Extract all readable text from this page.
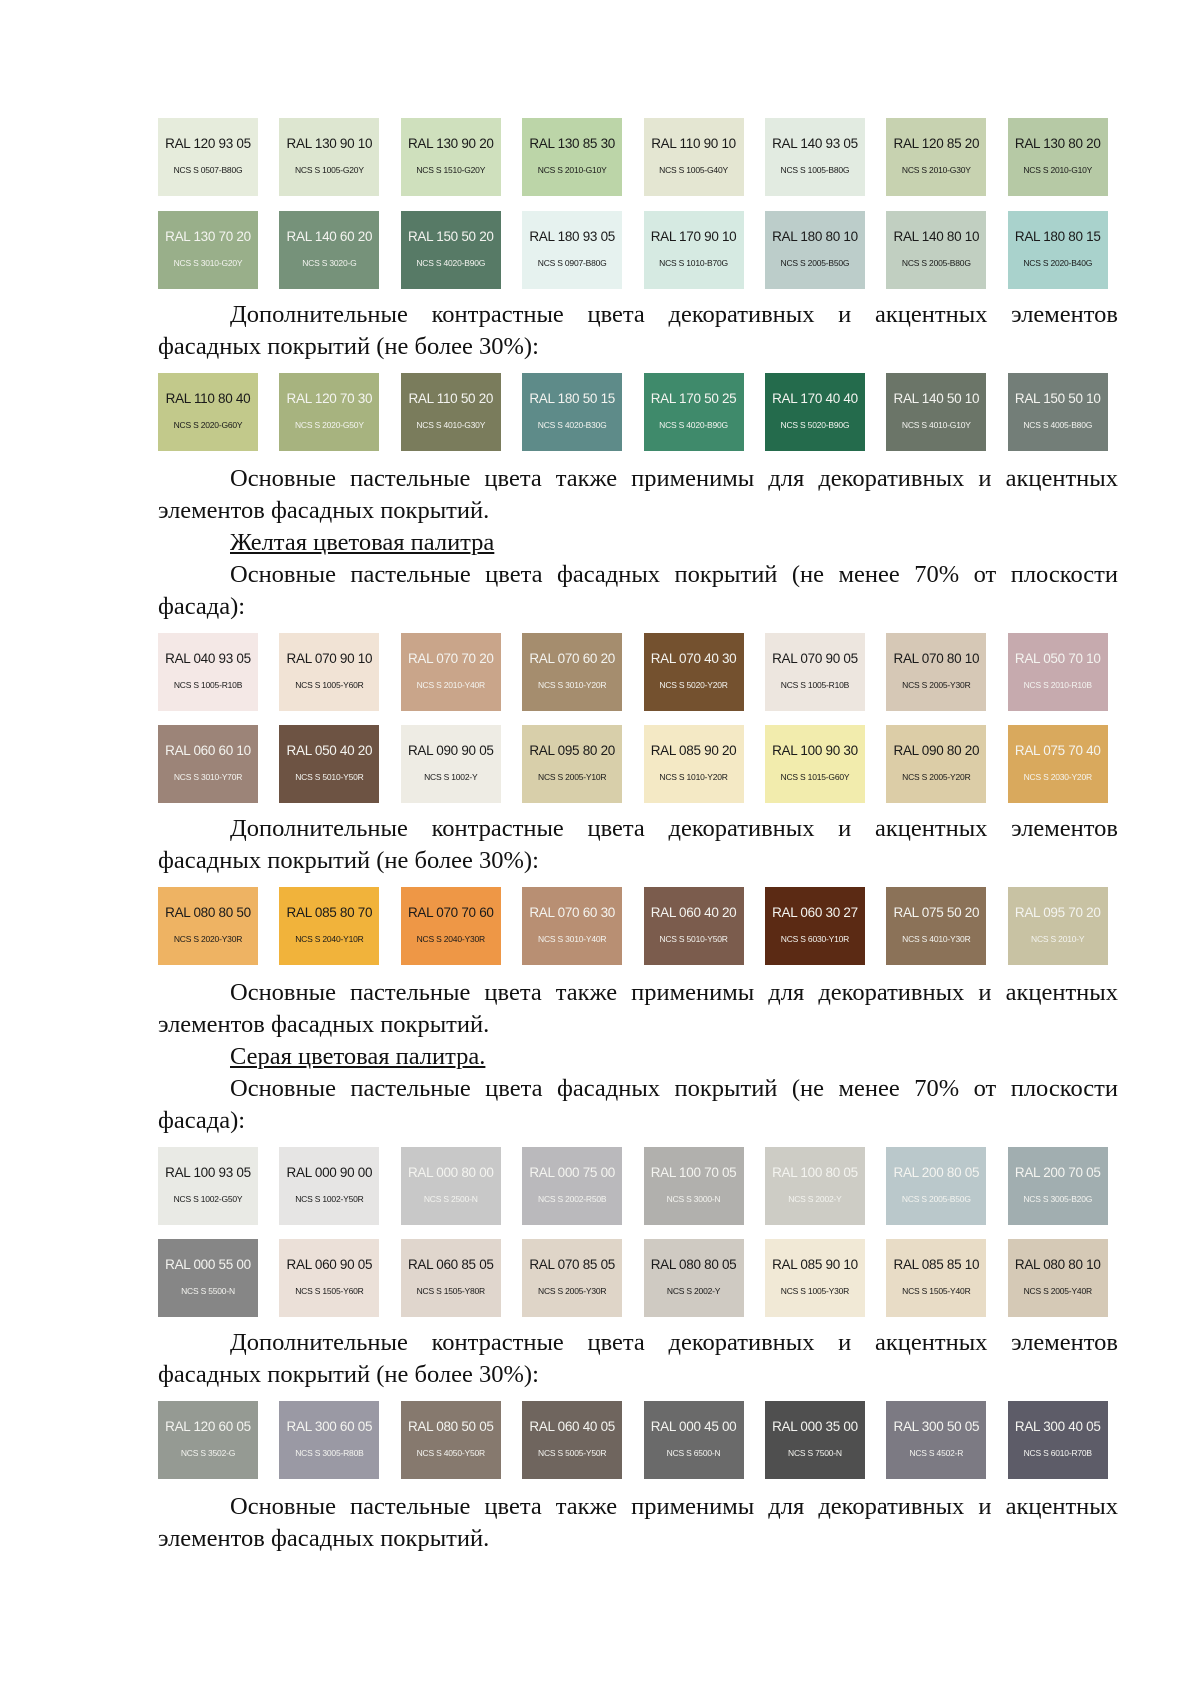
RAL 120 93 05
NCS S 0507-B80G
RAL 130 90 10
NCS S 1005-G20Y
RAL 130 90 20
NCS S 1510-G20Y
RAL 130 85 30
NCS S 2010-G10Y
RAL 110 90 10
NCS S 1005-G40Y
RAL 140 93 05
NCS S 1005-B80G
RAL 120 85 20
NCS S 2010-G30Y
RAL 130 80 20
NCS S 2010-G10Y
RAL 130 70 20
NCS S 3010-G20Y
RAL 140 60 20
NCS S 3020-G
RAL 150 50 20
NCS S 4020-B90G
RAL 180 93 05
NCS S 0907-B80G
RAL 170 90 10
NCS S 1010-B70G
RAL 180 80 10
NCS S 2005-B50G
RAL 140 80 10
NCS S 2005-B80G
RAL 180 80 15
NCS S 2020-B40G

Дополнительные контрастные цвета декоративных и акцентных элементов фасадных покрытий (не более 30%):

RAL 110 80 40
NCS S 2020-G60Y
RAL 120 70 30
NCS S 2020-G50Y
RAL 110 50 20
NCS S 4010-G30Y
RAL 180 50 15
NCS S 4020-B30G
RAL 170 50 25
NCS S 4020-B90G
RAL 170 40 40
NCS S 5020-B90G
RAL 140 50 10
NCS S 4010-G10Y
RAL 150 50 10
NCS S 4005-B80G

Основные пастельные цвета также применимы для декоративных и акцентных элементов фасадных покрытий.

Желтая цветовая палитра

Основные пастельные цвета фасадных покрытий (не менее 70% от плоскости фасада):

RAL 040 93 05
NCS S 1005-R10B
RAL 070 90 10
NCS S 1005-Y60R
RAL 070 70 20
NCS S 2010-Y40R
RAL 070 60 20
NCS S 3010-Y20R
RAL 070 40 30
NCS S 5020-Y20R
RAL 070 90 05
NCS S 1005-R10B
RAL 070 80 10
NCS S 2005-Y30R
RAL 050 70 10
NCS S 2010-R10B
RAL 060 60 10
NCS S 3010-Y70R
RAL 050 40 20
NCS S 5010-Y50R
RAL 090 90 05
NCS S 1002-Y
RAL 095 80 20
NCS S 2005-Y10R
RAL 085 90 20
NCS S 1010-Y20R
RAL 100 90 30
NCS S 1015-G60Y
RAL 090 80 20
NCS S 2005-Y20R
RAL 075 70 40
NCS S 2030-Y20R

Дополнительные контрастные цвета декоративных и акцентных элементов фасадных покрытий (не более 30%):

RAL 080 80 50
NCS S 2020-Y30R
RAL 085 80 70
NCS S 2040-Y10R
RAL 070 70 60
NCS S 2040-Y30R
RAL 070 60 30
NCS S 3010-Y40R
RAL 060 40 20
NCS S 5010-Y50R
RAL 060 30 27
NCS S 6030-Y10R
RAL 075 50 20
NCS S 4010-Y30R
RAL 095 70 20
NCS S 2010-Y

Основные пастельные цвета также применимы для декоративных и акцентных элементов фасадных покрытий.

Серая цветовая палитра.

Основные пастельные цвета фасадных покрытий (не менее 70% от плоскости фасада):

RAL 100 93 05
NCS S 1002-G50Y
RAL 000 90 00
NCS S 1002-Y50R
RAL 000 80 00
NCS S 2500-N
RAL 000 75 00
NCS S 2002-R50B
RAL 100 70 05
NCS S 3000-N
RAL 100 80 05
NCS S 2002-Y
RAL 200 80 05
NCS S 2005-B50G
RAL 200 70 05
NCS S 3005-B20G
RAL 000 55 00
NCS S 5500-N
RAL 060 90 05
NCS S 1505-Y60R
RAL 060 85 05
NCS S 1505-Y80R
RAL 070 85 05
NCS S 2005-Y30R
RAL 080 80 05
NCS S 2002-Y
RAL 085 90 10
NCS S 1005-Y30R
RAL 085 85 10
NCS S 1505-Y40R
RAL 080 80 10
NCS S 2005-Y40R

Дополнительные контрастные цвета декоративных и акцентных элементов фасадных покрытий (не более 30%):

RAL 120 60 05
NCS S 3502-G
RAL 300 60 05
NCS S 3005-R80B
RAL 080 50 05
NCS S 4050-Y50R
RAL 060 40 05
NCS S 5005-Y50R
RAL 000 45 00
NCS S 6500-N
RAL 000 35 00
NCS S 7500-N
RAL 300 50 05
NCS S 4502-R
RAL 300 40 05
NCS S 6010-R70B

Основные пастельные цвета также применимы для декоративных и акцентных элементов фасадных покрытий.
